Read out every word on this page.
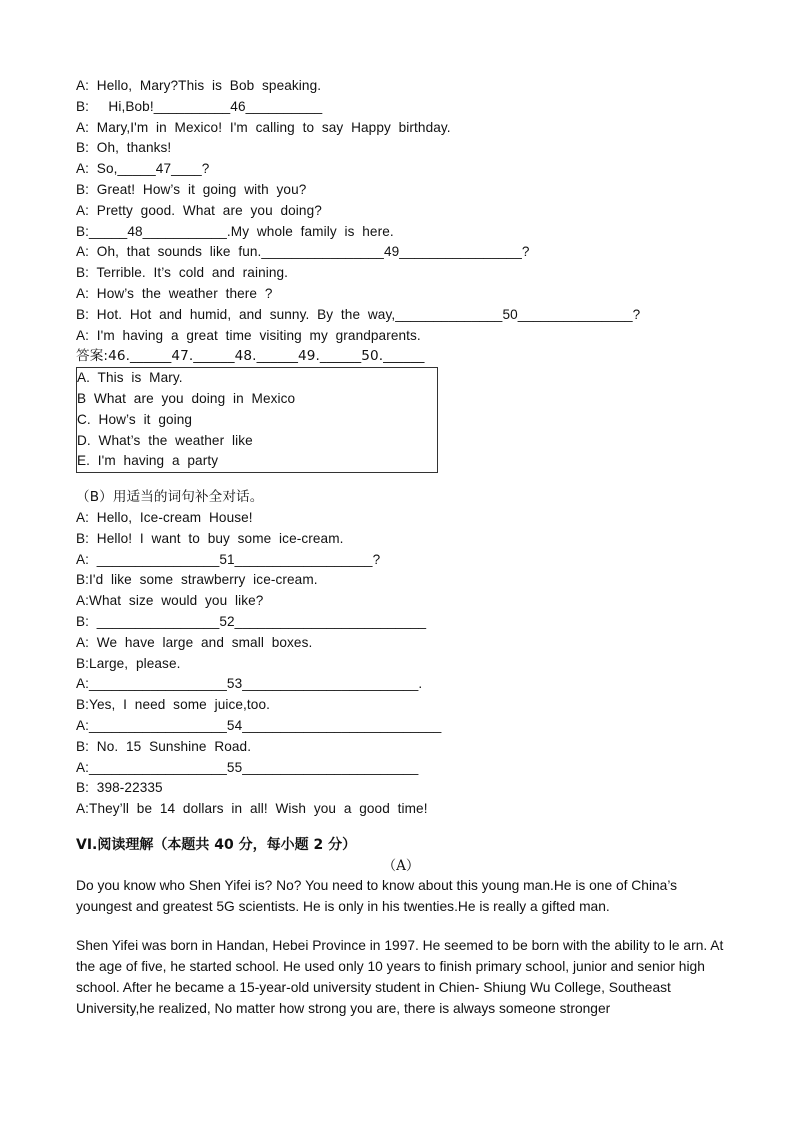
A:  Hello,  Mary?This  is  Bob  speaking.
B:     Hi,Bob!__________46__________
A:  Mary,I'm  in  Mexico!  I'm  calling  to  say  Happy  birthday.
B:  Oh,  thanks!
A:  So,_____47____?
B:  Great!  How’s  it  going  with  you?
A:  Pretty  good.  What  are  you  doing?
B:_____48___________.My  whole  family  is  here.
A:  Oh,  that  sounds  like  fun.________________49________________?
B:  Terrible.  It’s  cold  and  raining.
A:  How’s  the  weather  there  ?
B:  Hot.  Hot  and  humid,  and  sunny.  By  the  way,______________50_______________?
A:  I'm  having  a  great  time  visiting  my  grandparents.
答案:46.______47.______48.______49.______50.______
A.  This  is  Mary.
B  What  are  you  doing  in  Mexico
C.  How’s  it  going
D.  What’s  the  weather  like
E.  I'm  having  a  party
（B）用适当的词句补全对话。
A:  Hello,  Ice-cream  House!
B:  Hello!  I  want  to  buy  some  ice-cream.
A:  ________________51__________________?
B:I'd  like  some  strawberry  ice-cream.
A:What  size  would  you  like?
B:  ________________52_________________________
A:  We  have  large  and  small  boxes.
B:Large,  please.
A:__________________53_______________________.
B:Yes,  I  need  some  juice,too.
A:__________________54__________________________
B:  No.  15  Sunshine  Road.
A:__________________55_______________________
B:  398-22335
A:They’ll  be  14  dollars  in  all!  Wish  you  a  good  time!
VI.阅读理解（本题共 40 分，每小题 2 分）
（A）
Do you know who Shen Yifei is? No? You need to know about this young man.He is one of China’s youngest and greatest 5G scientists. He is only in his twenties.He is really a gifted man.
Shen Yifei was born in Handan, Hebei Province in 1997. He seemed to be born with the ability to le arn. At the age of five, he started school. He used only 10 years to finish primary school, junior and senior high school. After he became a 15-year-old university student in Chien- Shiung Wu College, Southeast University,he realized, No matter how strong you are, there is always someone stronger
